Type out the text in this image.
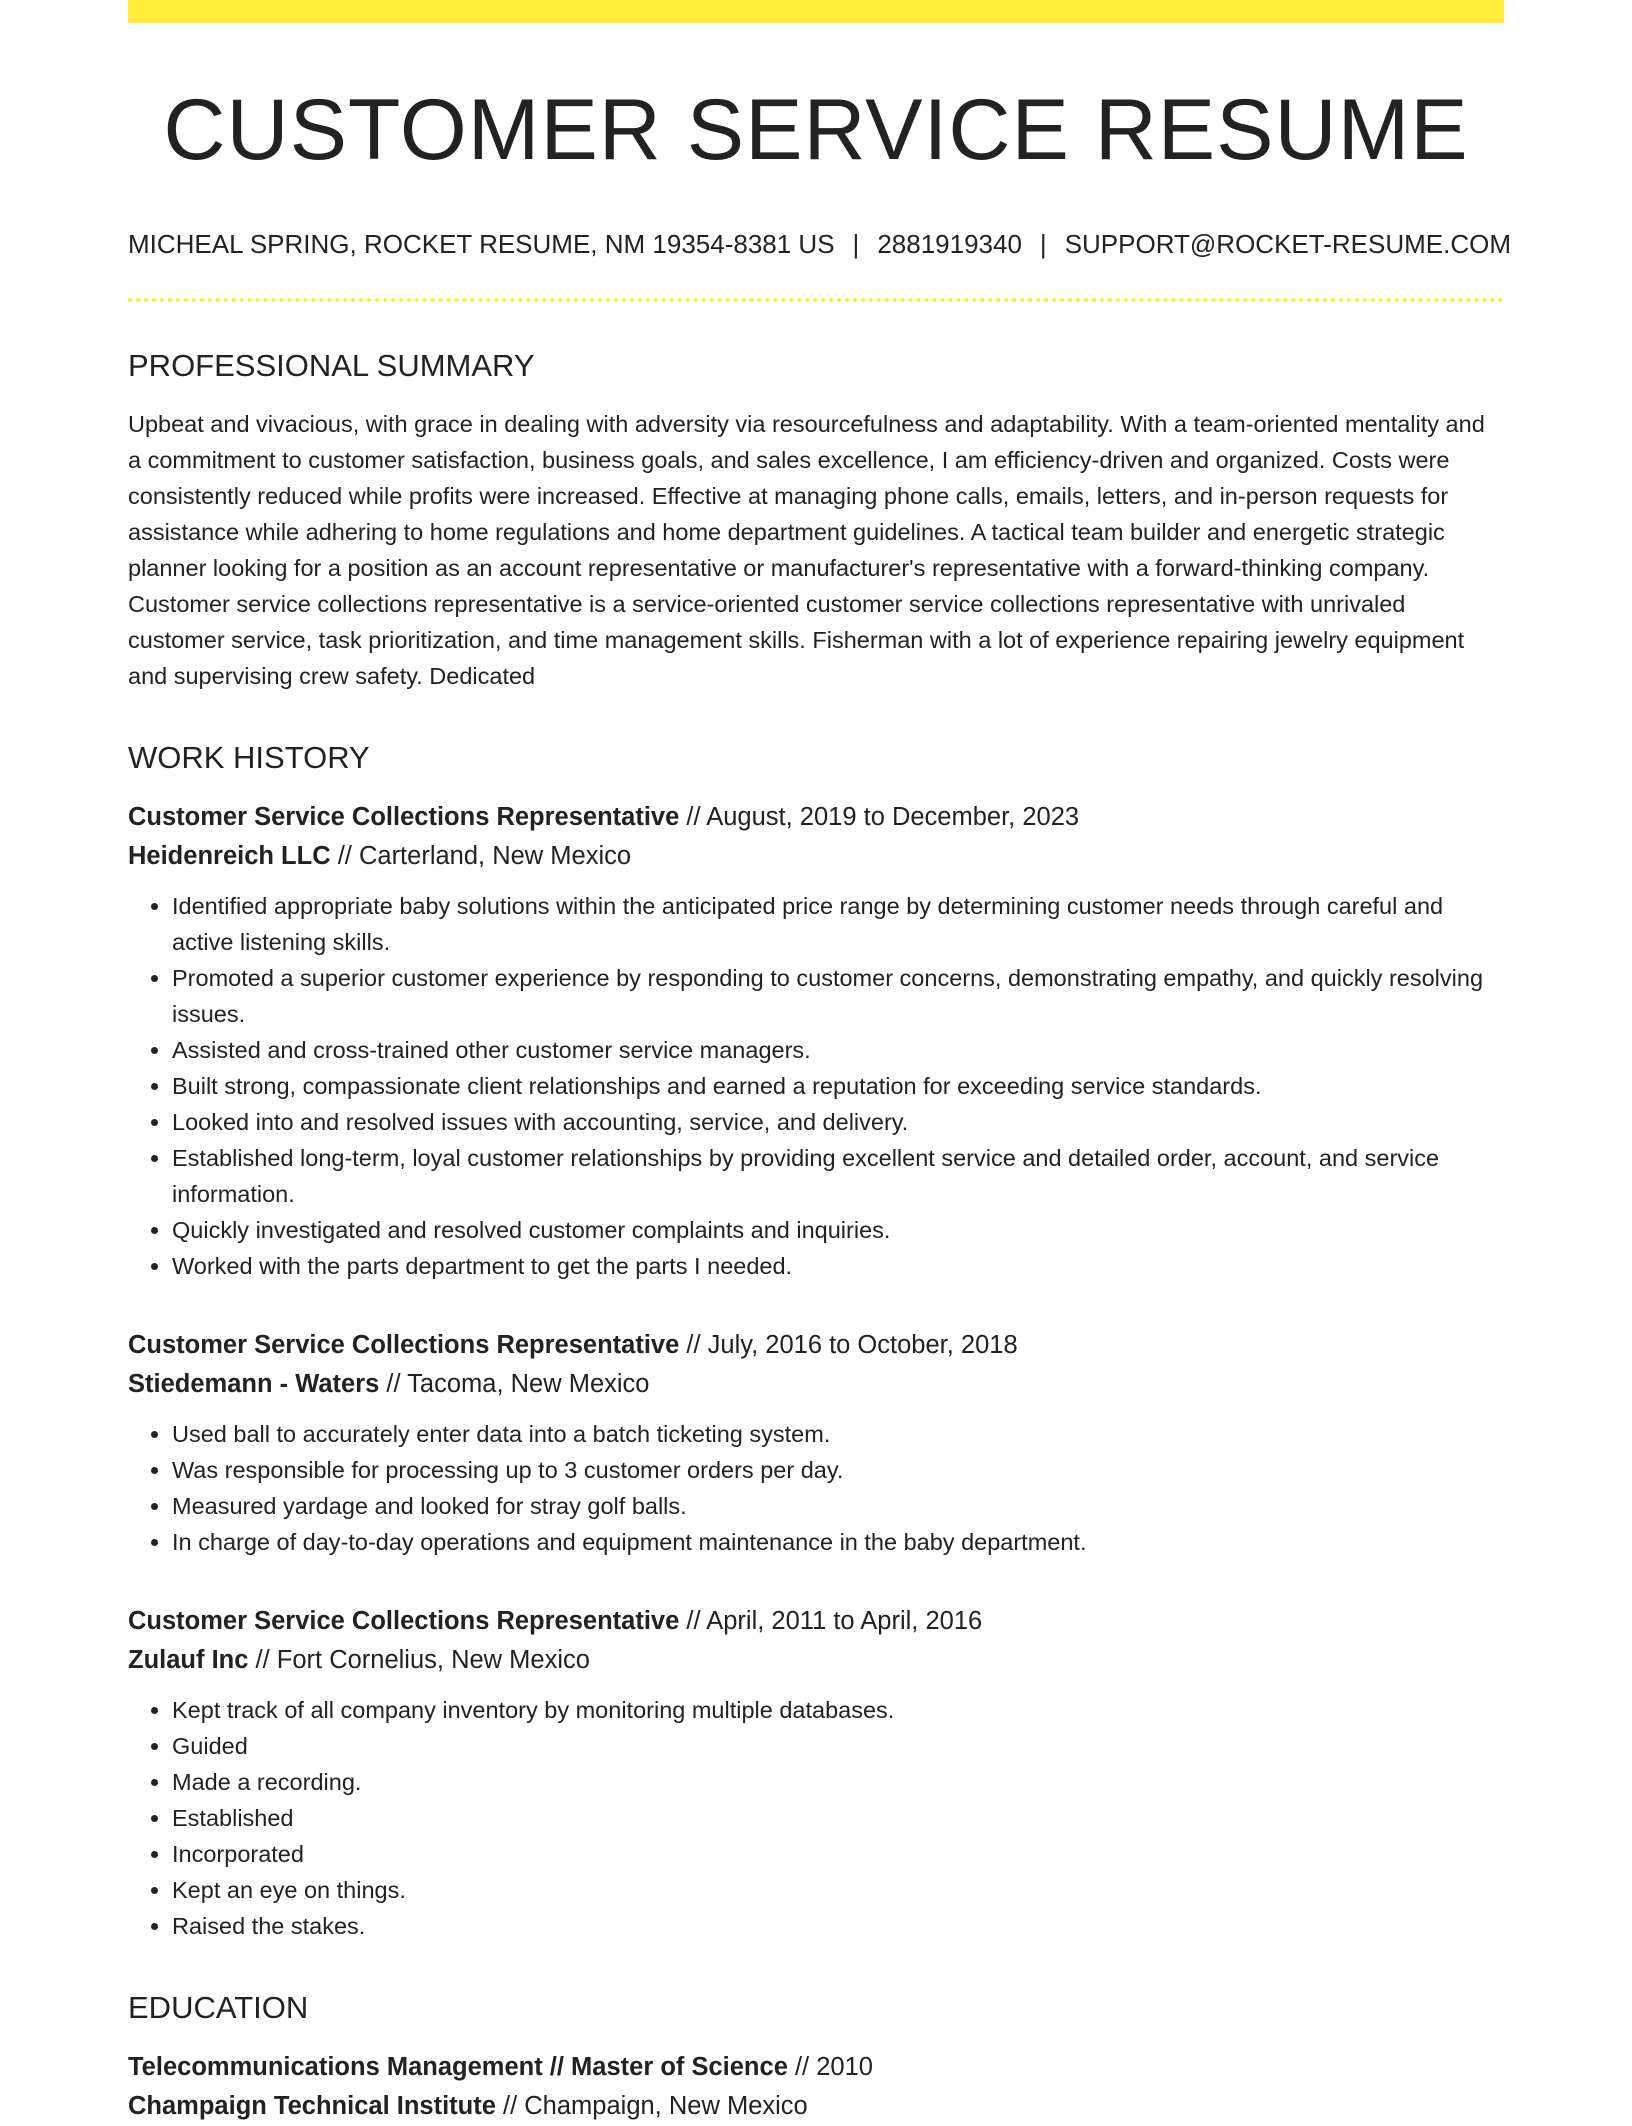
CUSTOMER SERVICE RESUME
MICHEAL SPRING, ROCKET RESUME, NM 19354-8381 US | 2881919340 | SUPPORT@ROCKET-RESUME.COM
PROFESSIONAL SUMMARY

Upbeat and vivacious, with grace in dealing with adversity via resourcefulness and adaptability. With a team-oriented mentality and a commitment to customer satisfaction, business goals, and sales excellence, I am efficiency-driven and organized. Costs were consistently reduced while profits were increased. Effective at managing phone calls, emails, letters, and in-person requests for assistance while adhering to home regulations and home department guidelines. A tactical team builder and energetic strategic planner looking for a position as an account representative or manufacturer's representative with a forward-thinking company. Customer service collections representative is a service-oriented customer service collections representative with unrivaled customer service, task prioritization, and time management skills. Fisherman with a lot of experience repairing jewelry equipment and supervising crew safety. Dedicated

WORK HISTORY
Customer Service Collections Representative // August, 2019 to December, 2023
Heidenreich LLC // Carterland, New Mexico
• Identified appropriate baby solutions within the anticipated price range by determining customer needs through careful and active listening skills.
• Promoted a superior customer experience by responding to customer concerns, demonstrating empathy, and quickly resolving issues.
• Assisted and cross-trained other customer service managers.
• Built strong, compassionate client relationships and earned a reputation for exceeding service standards.
• Looked into and resolved issues with accounting, service, and delivery.
• Established long-term, loyal customer relationships by providing excellent service and detailed order, account, and service information.
• Quickly investigated and resolved customer complaints and inquiries.
• Worked with the parts department to get the parts I needed.
Customer Service Collections Representative // July, 2016 to October, 2018
Stiedemann - Waters // Tacoma, New Mexico
• Used ball to accurately enter data into a batch ticketing system.
• Was responsible for processing up to 3 customer orders per day.
• Measured yardage and looked for stray golf balls.
• In charge of day-to-day operations and equipment maintenance in the baby department.
Customer Service Collections Representative // April, 2011 to April, 2016
Zulauf Inc // Fort Cornelius, New Mexico
• Kept track of all company inventory by monitoring multiple databases.
• Guided
• Made a recording.
• Established
• Incorporated
• Kept an eye on things.
• Raised the stakes.
EDUCATION
Telecommunications Management // Master of Science // 2010
Champaign Technical Institute // Champaign, New Mexico
